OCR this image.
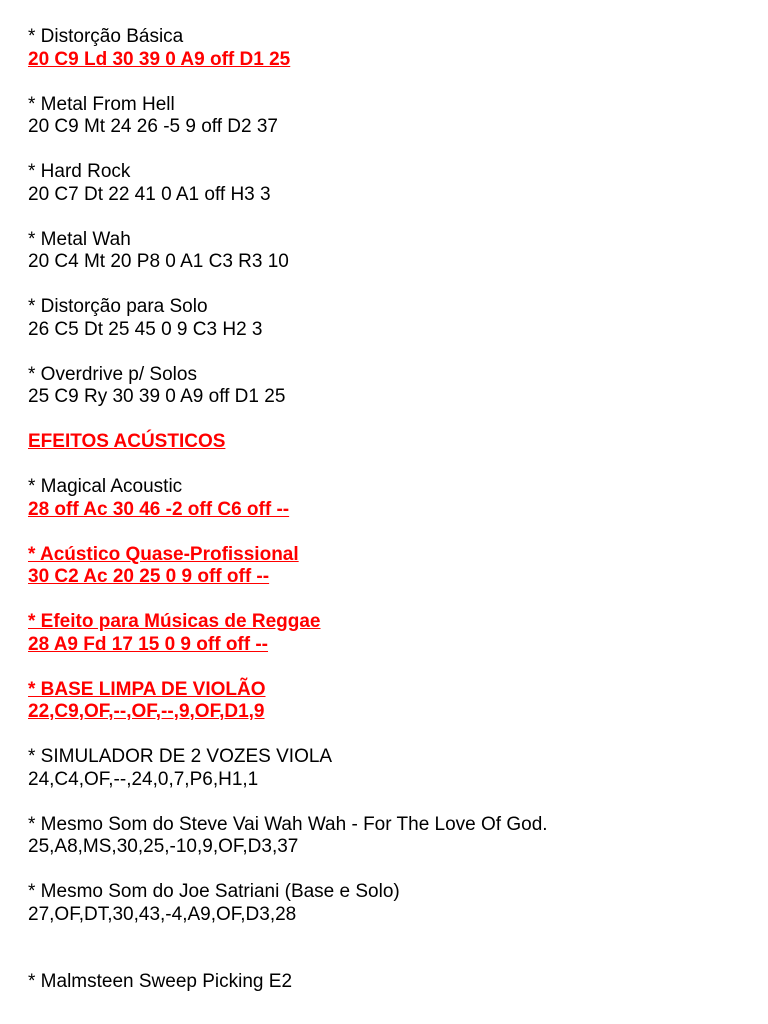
* Distorção Básica
20 C9 Ld 30 39 0 A9 off D1 25
* Metal From Hell
20 C9 Mt 24 26 -5 9 off D2 37
* Hard Rock
20 C7 Dt 22 41 0 A1 off H3 3
* Metal Wah
20 C4 Mt 20 P8 0 A1 C3 R3 10
* Distorção para Solo
26 C5 Dt 25 45 0 9 C3 H2 3
* Overdrive p/ Solos
25 C9 Ry 30 39 0 A9 off D1 25
EFEITOS ACÚSTICOS
* Magical Acoustic
28 off Ac 30 46 -2 off C6 off --
* Acústico Quase-Profissional
30 C2 Ac 20 25 0 9 off off --
* Efeito para Músicas de Reggae
28 A9 Fd 17 15 0 9 off off --
* BASE LIMPA DE VIOLÃO
22,C9,OF,--,OF,--,9,OF,D1,9
* SIMULADOR DE 2 VOZES VIOLA
24,C4,OF,--,24,0,7,P6,H1,1
* Mesmo Som do Steve Vai Wah Wah - For The Love Of God.
25,A8,MS,30,25,-10,9,OF,D3,37
* Mesmo Som do Joe Satriani (Base e Solo)
27,OF,DT,30,43,-4,A9,OF,D3,28
* Malmsteen Sweep Picking E2
